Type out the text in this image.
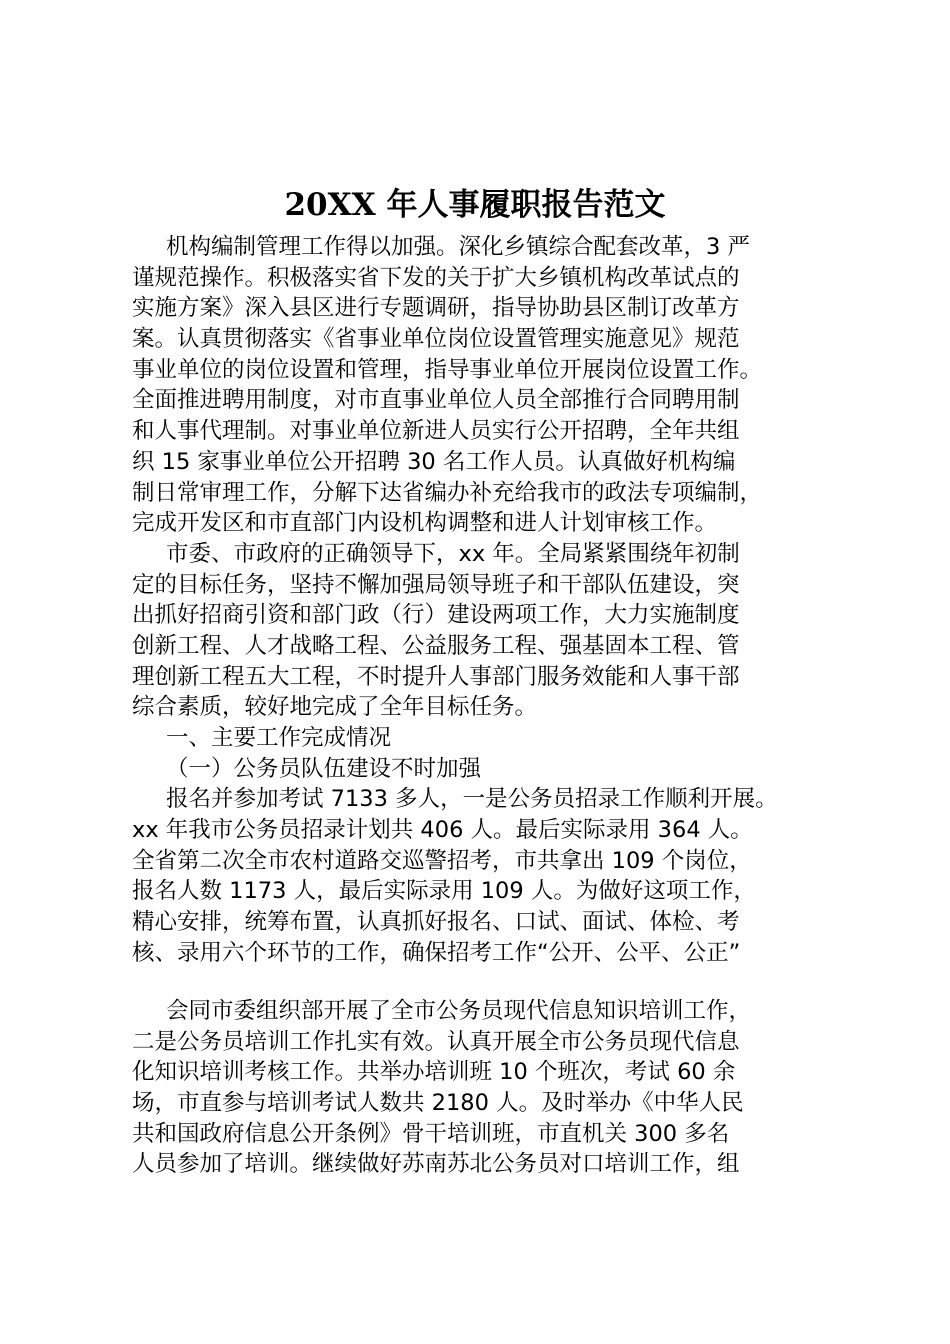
20XX 年人事履职报告范文
机构编制管理工作得以加强。深化乡镇综合配套改革，3 严
谨规范操作。积极落实省下发的关于扩大乡镇机构改革试点的
实施方案》深入县区进行专题调研，指导协助县区制订改革方
案。认真贯彻落实《省事业单位岗位设置管理实施意见》规范
事业单位的岗位设置和管理，指导事业单位开展岗位设置工作。
全面推进聘用制度，对市直事业单位人员全部推行合同聘用制
和人事代理制。对事业单位新进人员实行公开招聘，全年共组
织 15 家事业单位公开招聘 30 名工作人员。认真做好机构编
制日常审理工作，分解下达省编办补充给我市的政法专项编制，
完成开发区和市直部门内设机构调整和进人计划审核工作。
市委、市政府的正确领导下，xx 年。全局紧紧围绕年初制
定的目标任务，坚持不懈加强局领导班子和干部队伍建设，突
出抓好招商引资和部门政（行）建设两项工作，大力实施制度
创新工程、人才战略工程、公益服务工程、强基固本工程、管
理创新工程五大工程，不时提升人事部门服务效能和人事干部
综合素质，较好地完成了全年目标任务。
一、主要工作完成情况
（一）公务员队伍建设不时加强
报名并参加考试 7133 多人，一是公务员招录工作顺利开展。
xx 年我市公务员招录计划共 406 人。最后实际录用 364 人。
全省第二次全市农村道路交巡警招考，市共拿出 109 个岗位，
报名人数 1173 人，最后实际录用 109 人。为做好这项工作，
精心安排，统筹布置，认真抓好报名、口试、面试、体检、考
核、录用六个环节的工作，确保招考工作“公开、公平、公正”
会同市委组织部开展了全市公务员现代信息知识培训工作，
二是公务员培训工作扎实有效。认真开展全市公务员现代信息
化知识培训考核工作。共举办培训班 10 个班次，考试 60 余
场，市直参与培训考试人数共 2180 人。及时举办《中华人民
共和国政府信息公开条例》骨干培训班，市直机关 300 多名
人员参加了培训。继续做好苏南苏北公务员对口培训工作，组
